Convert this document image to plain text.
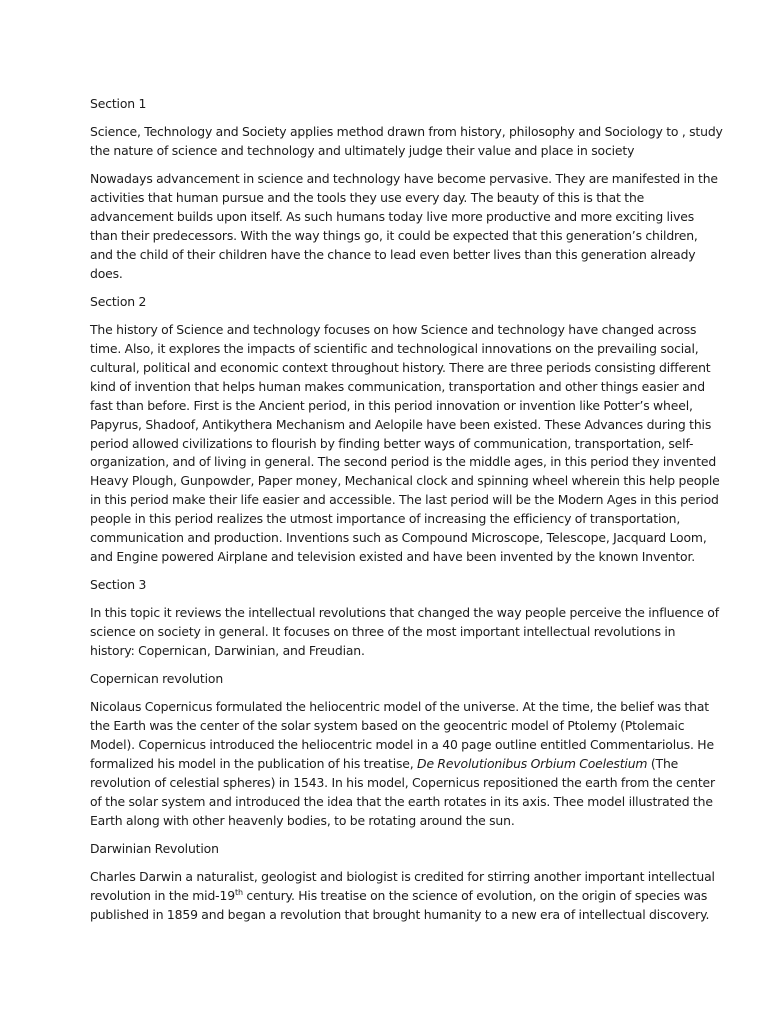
Section 1

Science, Technology and Society applies method drawn from history, philosophy and Sociology to , study
the nature of science and technology and ultimately judge their value and place in society

Nowadays advancement in science and technology have become pervasive. They are manifested in the
activities that human pursue and the tools they use every day. The beauty of this is that the
advancement builds upon itself. As such humans today live more productive and more exciting lives
than their predecessors. With the way things go, it could be expected that this generation’s children,
and the child of their children have the chance to lead even better lives than this generation already
does.

Section 2

The history of Science and technology focuses on how Science and technology have changed across
time. Also, it explores the impacts of scientific and technological innovations on the prevailing social,
cultural, political and economic context throughout history. There are three periods consisting different
kind of invention that helps human makes communication, transportation and other things easier and
fast than before. First is the Ancient period, in this period innovation or invention like Potter’s wheel,
Papyrus, Shadoof, Antikythera Mechanism and Aelopile have been existed. These Advances during this
period allowed civilizations to flourish by finding better ways of communication, transportation, self-
organization, and of living in general. The second period is the middle ages, in this period they invented
Heavy Plough, Gunpowder, Paper money, Mechanical clock and spinning wheel wherein this help people
in this period make their life easier and accessible. The last period will be the Modern Ages in this period
people in this period realizes the utmost importance of increasing the efficiency of transportation,
communication and production. Inventions such as Compound Microscope, Telescope, Jacquard Loom,
and Engine powered Airplane and television existed and have been invented by the known Inventor.

Section 3

In this topic it reviews the intellectual revolutions that changed the way people perceive the influence of
science on society in general. It focuses on three of the most important intellectual revolutions in
history: Copernican, Darwinian, and Freudian.

Copernican revolution

Nicolaus Copernicus formulated the heliocentric model of the universe. At the time, the belief was that
the Earth was the center of the solar system based on the geocentric model of Ptolemy (Ptolemaic
Model). Copernicus introduced the heliocentric model in a 40 page outline entitled Commentariolus. He
formalized his model in the publication of his treatise, De Revolutionibus Orbium Coelestium (The
revolution of celestial spheres) in 1543. In his model, Copernicus repositioned the earth from the center
of the solar system and introduced the idea that the earth rotates in its axis. Thee model illustrated the
Earth along with other heavenly bodies, to be rotating around the sun.

Darwinian Revolution

Charles Darwin a naturalist, geologist and biologist is credited for stirring another important intellectual
revolution in the mid-19th century. His treatise on the science of evolution, on the origin of species was
published in 1859 and began a revolution that brought humanity to a new era of intellectual discovery.
